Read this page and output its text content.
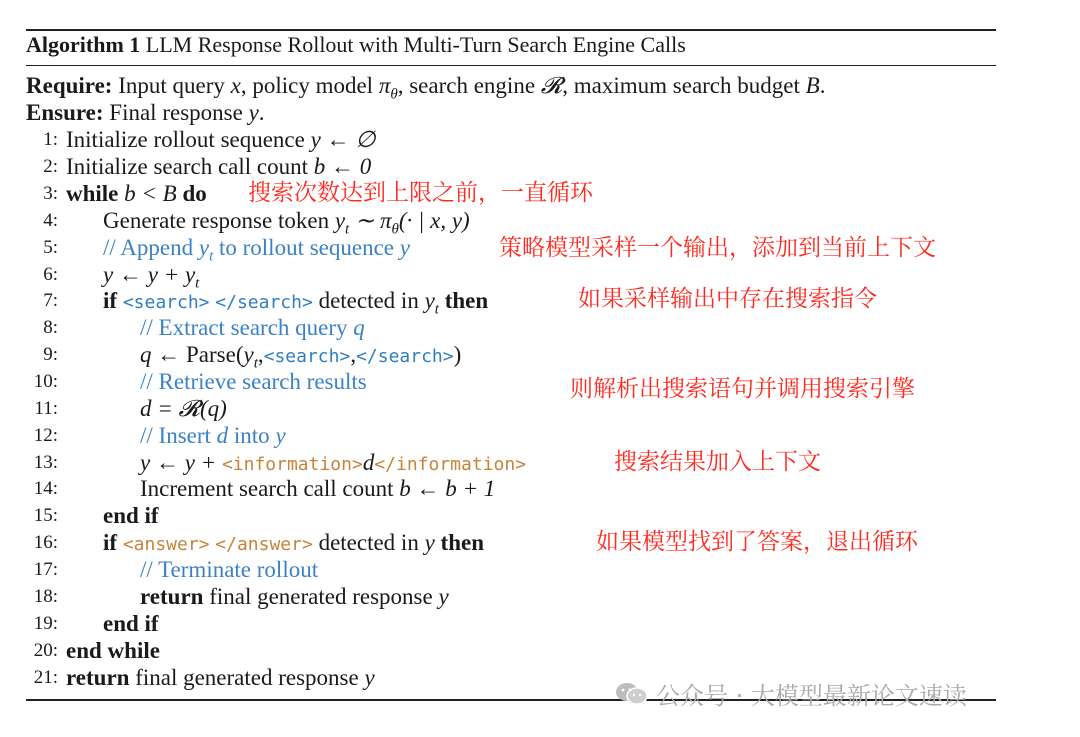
Algorithm 1 LLM Response Rollout with Multi-Turn Search Engine Calls
Require: Input query x, policy model $\pi_\theta$, search engine 𝓡, maximum search budget B.
Ensure: Final response y.
1: Initialize rollout sequence y ← ∅
2: Initialize search call count b ← 0
3: while b < B do 搜索次数达到上限之前，一直循环
4: Generate response token $y_t$ ∼ $\pi_\theta(\cdot$ | x, y)
5: // Append $y_t$ to rollout sequence y	策略模型采样一个输出，添加到当前上下文
6: y ← $y + y_t$
7: if <search> </search> detected in $y_t$ then	如果采样输出中存在搜索指令
8:	// Extract search query q
9:	q ← $Parse(y_t,<search>,</search>)$
10:	// Retrieve search results	则解析出搜索语句并调用搜索引擎
11:	d = 𝓡(q)
12:	// Insert d into y
13:	y ← y + <information>d</information>	搜索结果加入上下文
14:	Increment search call count b ← b + 1
15: end if
16: if <answer> </answer> detected in y then	如果模型找到了答案，退出循环
17:	// Terminate rollout
18:	return final generated response y
19: end if
20: end while
21: return final generated response y
公众号 · 大模型最新论文速读
